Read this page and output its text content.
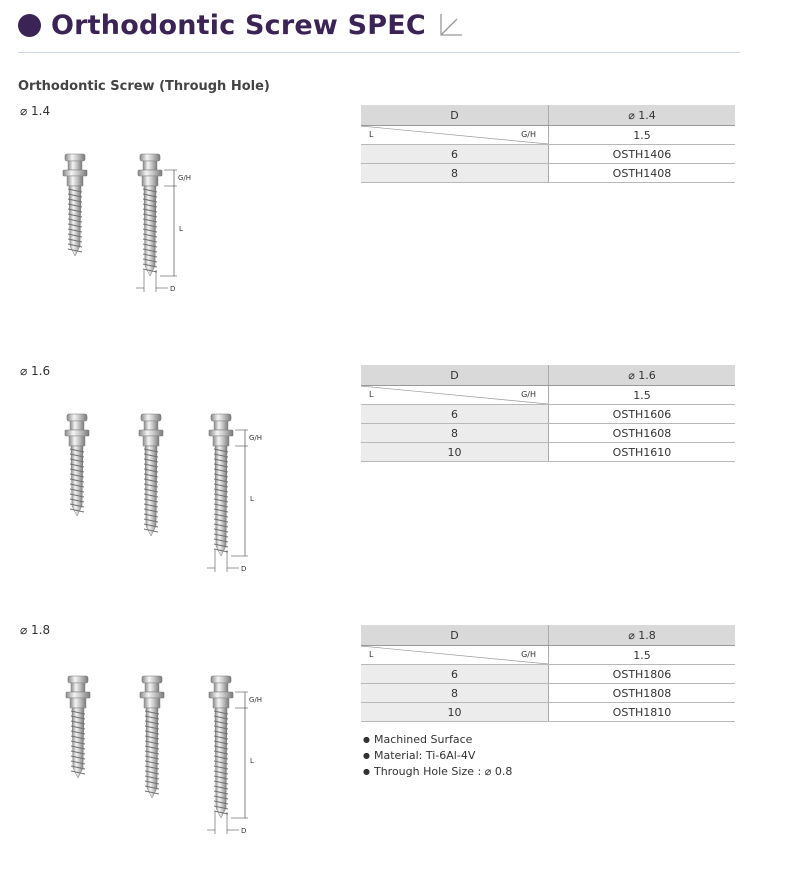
Orthodontic Screw SPEC
Orthodontic Screw (Through Hole)
⌀ 1.4
G/H
L
D
D	⌀ 1.4

L G/H	1.5
6	OSTH1406
8	OSTH1408
⌀ 1.6
G/H
L
D
D	⌀ 1.6

L G/H	1.5
6	OSTH1606
8	OSTH1608
10	OSTH1610
⌀ 1.8
G/H
L
D
D	⌀ 1.8

L G/H	1.5
6	OSTH1806
8	OSTH1808
10	OSTH1810
● Machined Surface
● Material: Ti-6Al-4V
● Through Hole Size : ⌀ 0.8
